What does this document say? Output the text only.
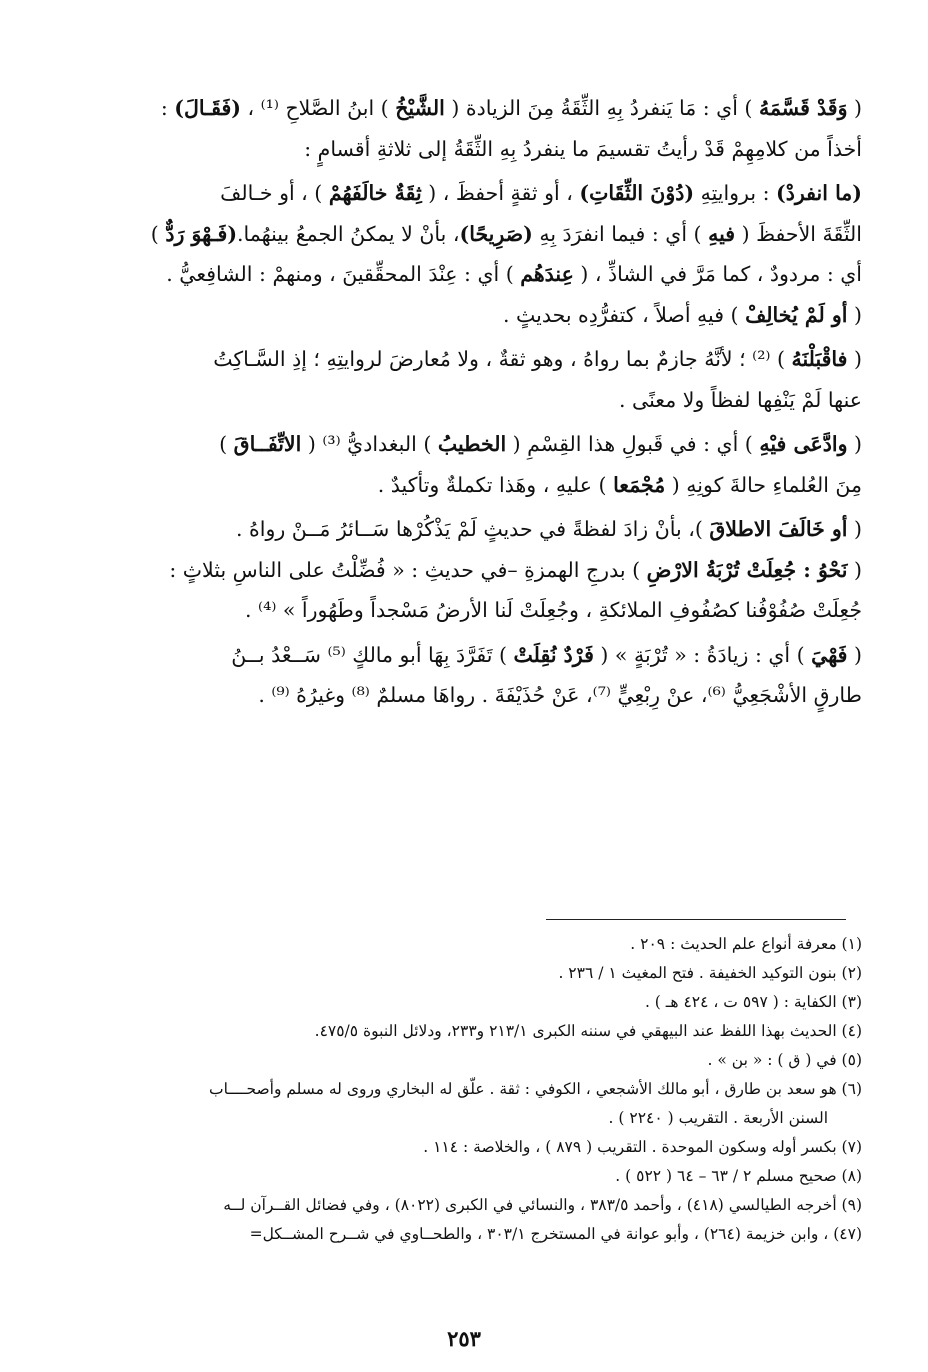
( وَقَدْ قَسَّمَهُ ) أي : مَا يَنفردُ بِهِ الثِّقَةُ مِنَ الزيادة ( الشَّيْخُ ) ابنُ الصَّلاحِ ⁽¹⁾ ، (فَقَـالَ) :

أخذاً من كلامِهِمْ قَدْ رأيتُ تقسيمَ ما ينفردُ بِهِ الثِّقَةُ إلى ثلاثةِ أقسامٍ :

(ما انفردْ) : بروايتِهِ (دُوْنَ الثِّقَاتِ) ، أو ثقةٍ أحفظَ ، ( ثِقَةٌ خالَفَهُمْ ) ، أو خـالفَ

الثِّقَةَ الأحفظَ ( فيهِ ) أي : فيما انفرَدَ بِهِ (صَرِيحًا)، بأنْ لا يمكنُ الجمعُ بينهُما.(فَـهْوَ رَدٌّ )

أي : مردودٌ ، كما مَرَّ في الشاذِّ ، ( عِندَهُم ) أي : عِنْدَ المحقِّقينَ ، ومنهمْ : الشافِعيُّ .

( أو لَمْ يُخالِفْ ) فيهِ أصلاً ، كتفرُّدِه بحديثٍ .

( فاقْبَلْنَهُ ) ⁽²⁾ ؛ لأنَّهُ جازمٌ بما رواهُ ، وهو ثقةٌ ، ولا مُعارضَ لروايتِهِ ؛ إذِ السَّـاكِتُ

عنها لَمْ يَنْفِها لفظاً ولا معنًى .

( وادَّعَى فيْهِ ) أي : في قَبولِ هذا القِسْمِ ( الخطيبُ ) البغداديُّ ⁽³⁾ ( الاتِّفَــاقَ )

مِنَ العُلماءِ حالةَ كونِهِ ( مُجْمَعا ) عليهِ ، وهَذا تكملةٌ وتأكيدٌ .

( أو خَالَفَ الاطلاقَ )، بأنْ زادَ لفظةً في حديثٍ لَمْ يَذْكُرْها سَــائرُ مَــنْ رواهُ .

( نَحْوُ : جُعِلَتْ تُرْبَةُ الارْضِ ) بدرجِ الهمزةِ –في حديثِ : « فُضِّلْتُ على الناسِ بثلاثٍ :

جُعِلَتْ صُفُوْفُنا كصُفُوفِ الملائكةِ ، وجُعِلَتْ لَنا الأرضُ مَسْجداً وطَهُوراً » ⁽⁴⁾ .

( فَهْيَ ) أي : زيادَةُ : « تُرْبَةٍ » ( فَرْدٌ نُقِلَتْ ) تَفَرَّدَ بِهَا أبو مالكٍ ⁽⁵⁾ سَــعْدُ بــنُ

طارقٍ الأشْجَعِيُّ ⁽⁶⁾، عنْ رِبْعِيٍّ ⁽⁷⁾، عَنْ حُذَيْفَةَ . رواهَا مسلمٌ ⁽⁸⁾ وغيرُهُ ⁽⁹⁾ .

(١) معرفة أنواع علم الحديث : ٢٠٩ .

(٢) بنون التوكيد الخفيفة . فتح المغيث ١ / ٢٣٦ .

(٣) الكفاية : ( ٥٩٧ ت ، ٤٢٤ هـ ) .

(٤) الحديث بهذا اللفظ عند البيهقي في سننه الكبرى ٢١٣/١ و٢٣٣، ودلائل النبوة ٤٧٥/٥.

(٥) في ( ق ) : « بن » .

(٦) هو سعد بن طارق ، أبو مالك الأشجعي ، الكوفي : ثقة . علّق له البخاري وروى له مسلم وأصحــــاب

السنن الأربعة . التقريب ( ٢٢٤٠ ) .

(٧) بكسر أوله وسكون الموحدة . التقريب ( ٨٧٩ ) ، والخلاصة : ١١٤ .

(٨) صحيح مسلم ٢ / ٦٣ – ٦٤ ( ٥٢٢ ) .

(٩) أخرجه الطيالسي (٤١٨) ، وأحمد ٣٨٣/٥ ، والنسائي في الكبرى (٨٠٢٢) ، وفي فضائل القــرآن لــه

(٤٧) ، وابن خزيمة (٢٦٤) ، وأبو عوانة في المستخرج ٣٠٣/١ ، والطحــاوي في شــرح المشــكل=

٢٥٣
